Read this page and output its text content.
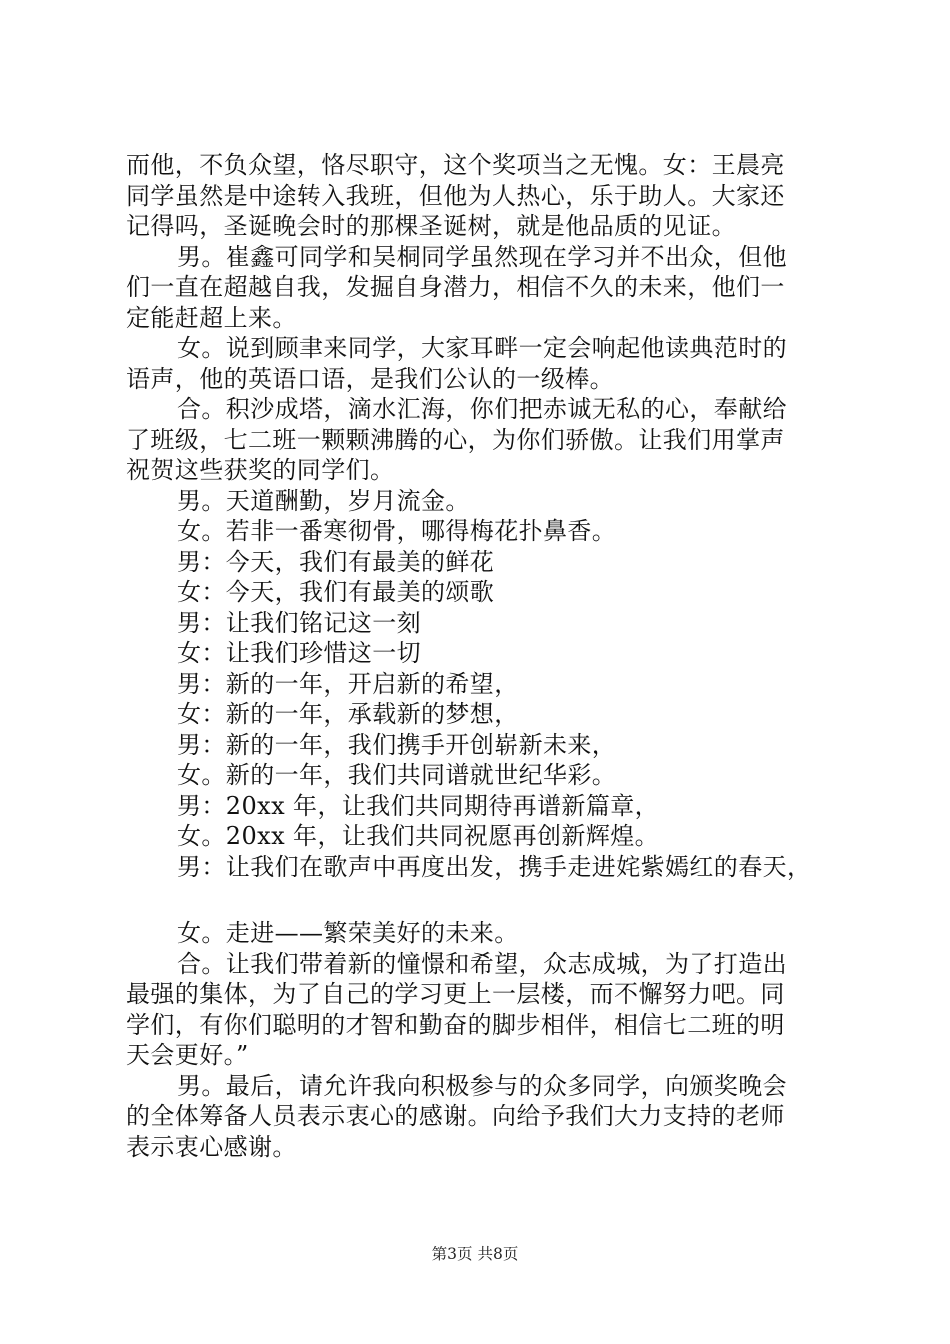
而他，不负众望，恪尽职守，这个奖项当之无愧。女：王晨亮
同学虽然是中途转入我班，但他为人热心，乐于助人。大家还
记得吗，圣诞晚会时的那棵圣诞树，就是他品质的见证。
男。崔鑫可同学和吴桐同学虽然现在学习并不出众，但他
们一直在超越自我，发掘自身潜力，相信不久的未来，他们一
定能赶超上来。
女。说到顾聿来同学，大家耳畔一定会响起他读典范时的
语声，他的英语口语，是我们公认的一级棒。
合。积沙成塔，滴水汇海，你们把赤诚无私的心，奉献给
了班级，七二班一颗颗沸腾的心，为你们骄傲。让我们用掌声
祝贺这些获奖的同学们。
男。天道酬勤，岁月流金。
女。若非一番寒彻骨，哪得梅花扑鼻香。
男：今天，我们有最美的鲜花
女：今天，我们有最美的颂歌
男：让我们铭记这一刻
女：让我们珍惜这一切
男：新的一年，开启新的希望，
女：新的一年，承载新的梦想，
男：新的一年，我们携手开创崭新未来，
女。新的一年，我们共同谱就世纪华彩。
男：20xx 年，让我们共同期待再谱新篇章，
女。20xx 年，让我们共同祝愿再创新辉煌。
男：让我们在歌声中再度出发，携手走进姹紫嫣红的春天，
女。走进——繁荣美好的未来。
合。让我们带着新的憧憬和希望，众志成城，为了打造出
最强的集体，为了自己的学习更上一层楼，而不懈努力吧。同
学们，有你们聪明的才智和勤奋的脚步相伴，相信七二班的明
天会更好。”
男。最后，请允许我向积极参与的众多同学，向颁奖晚会
的全体筹备人员表示衷心的感谢。向给予我们大力支持的老师
表示衷心感谢。
第3页 共8页
